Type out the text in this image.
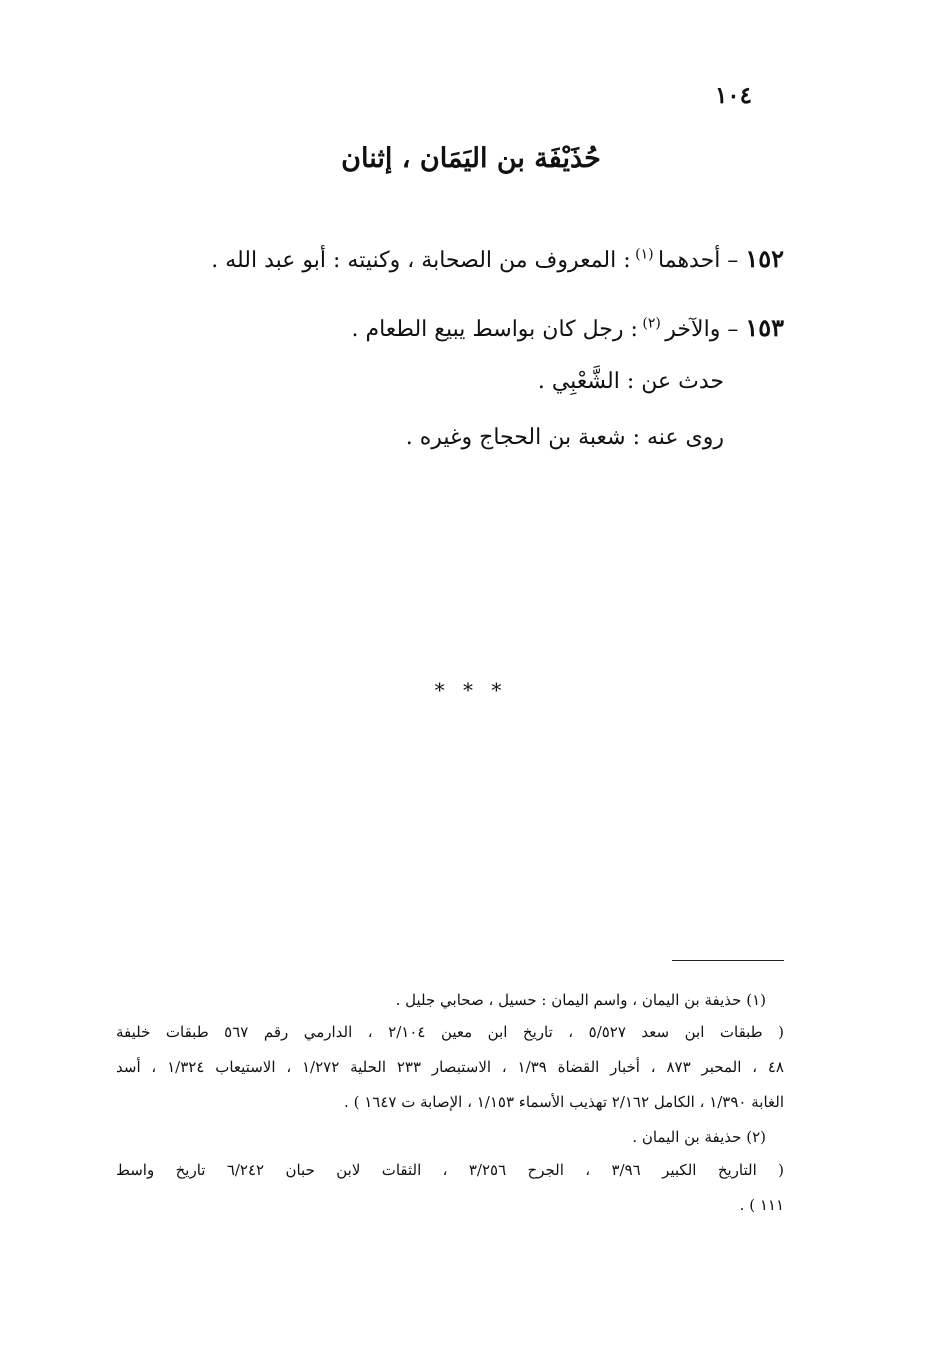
١٠٤
حُذَيْفَة بن اليَمَان ، إثنان
١٥٢ – أحدهما $^{(١)}$ : المعروف من الصحابة ، وكنيته : أبو عبد الله .
١٥٣ – والآخر $^{(٢)}$ : رجل كان بواسط يبيع الطعام .
حدث عن : الشَّعْبِي .
روى عنه : شعبة بن الحجاج وغيره .
* * *
(١) حذيفة بن اليمان ، واسم اليمان : حسيل ، صحابي جليل .
( طبقات ابن سعد ٥/٥٢٧ ، تاريخ ابن معين ٢/١٠٤ ، الدارمي رقم ٥٦٧ طبقات خليفة
٤٨ ، المحبر ٨٧٣ ، أخبار القضاة ١/٣٩ ، الاستبصار ٢٣٣ الحلية ١/٢٧٢ ، الاستيعاب ١/٣٢٤ ، أسد
الغابة ١/٣٩٠ ، الكامل ٢/١٦٢ تهذيب الأسماء ١/١٥٣ ، الإصابة ت ١٦٤٧ ) .
(٢) حذيفة بن اليمان .
( التاريخ الكبير ٣/٩٦ ، الجرح ٣/٢٥٦ ، الثقات لابن حبان ٦/٢٤٢ تاريخ واسط
١١١ ) .
